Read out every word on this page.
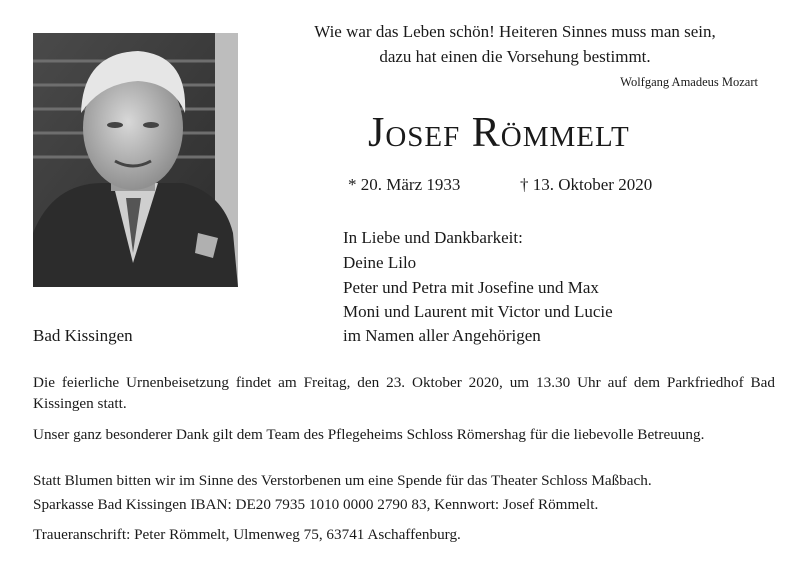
Wie war das Leben schön! Heiteren Sinnes muss man sein,
dazu hat einen die Vorsehung bestimmt.
Wolfgang Amadeus Mozart
Josef Römmelt
* 20. März 1933	† 13. Oktober 2020
In Liebe und Dankbarkeit:
Deine Lilo
Peter und Petra mit Josefine und Max
Moni und Laurent mit Victor und Lucie
im Namen aller Angehörigen
Bad Kissingen
Die feierliche Urnenbeisetzung findet am Freitag, den 23. Oktober 2020, um 13.30 Uhr auf dem Parkfriedhof Bad Kissingen statt.
Unser ganz besonderer Dank gilt dem Team des Pflegeheims Schloss Römershag für die liebevolle Betreuung.
Statt Blumen bitten wir im Sinne des Verstorbenen um eine Spende für das Theater Schloss Maßbach.
Sparkasse Bad Kissingen IBAN: DE20 7935 1010 0000 2790 83, Kennwort: Josef Römmelt.
Traueranschrift: Peter Römmelt, Ulmenweg 75, 63741 Aschaffenburg.
